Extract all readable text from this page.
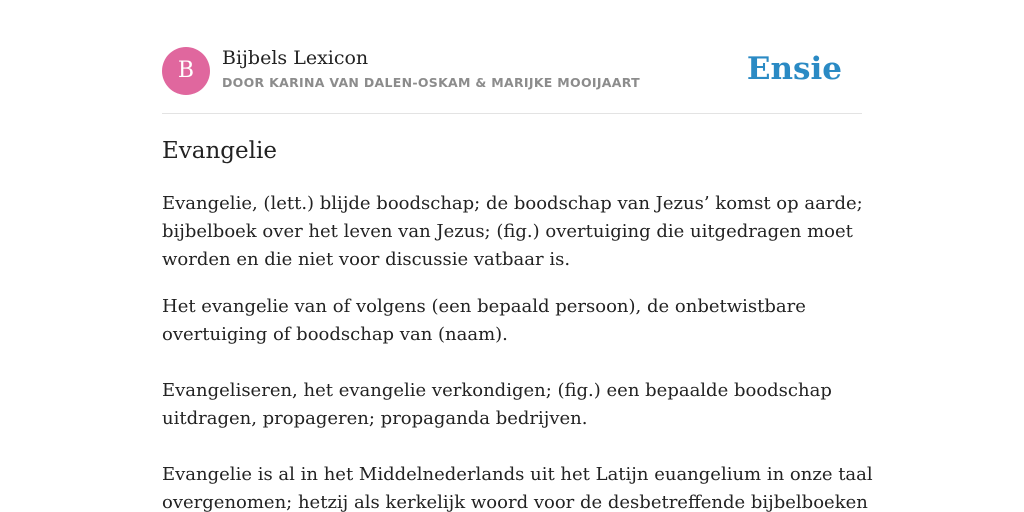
B	Bijbels Lexicon
DOOR KARINA VAN DALEN-OSKAM & MARIJKE MOOIJAART	Ensie
Evangelie

Evangelie, (lett.) blijde boodschap; de boodschap van Jezus’ komst op aarde;
bijbelboek over het leven van Jezus; (fig.) overtuiging die uitgedragen moet
worden en die niet voor discussie vatbaar is.

Het evangelie van of volgens (een bepaald persoon), de onbetwistbare
overtuiging of boodschap van (naam).
Evangeliseren, het evangelie verkondigen; (fig.) een bepaalde boodschap
uitdragen, propageren; propaganda bedrijven.
Evangelie is al in het Middelnederlands uit het Latijn euangelium in onze taal
overgenomen; hetzij als kerkelijk woord voor de desbetreffende bijbelboeken
